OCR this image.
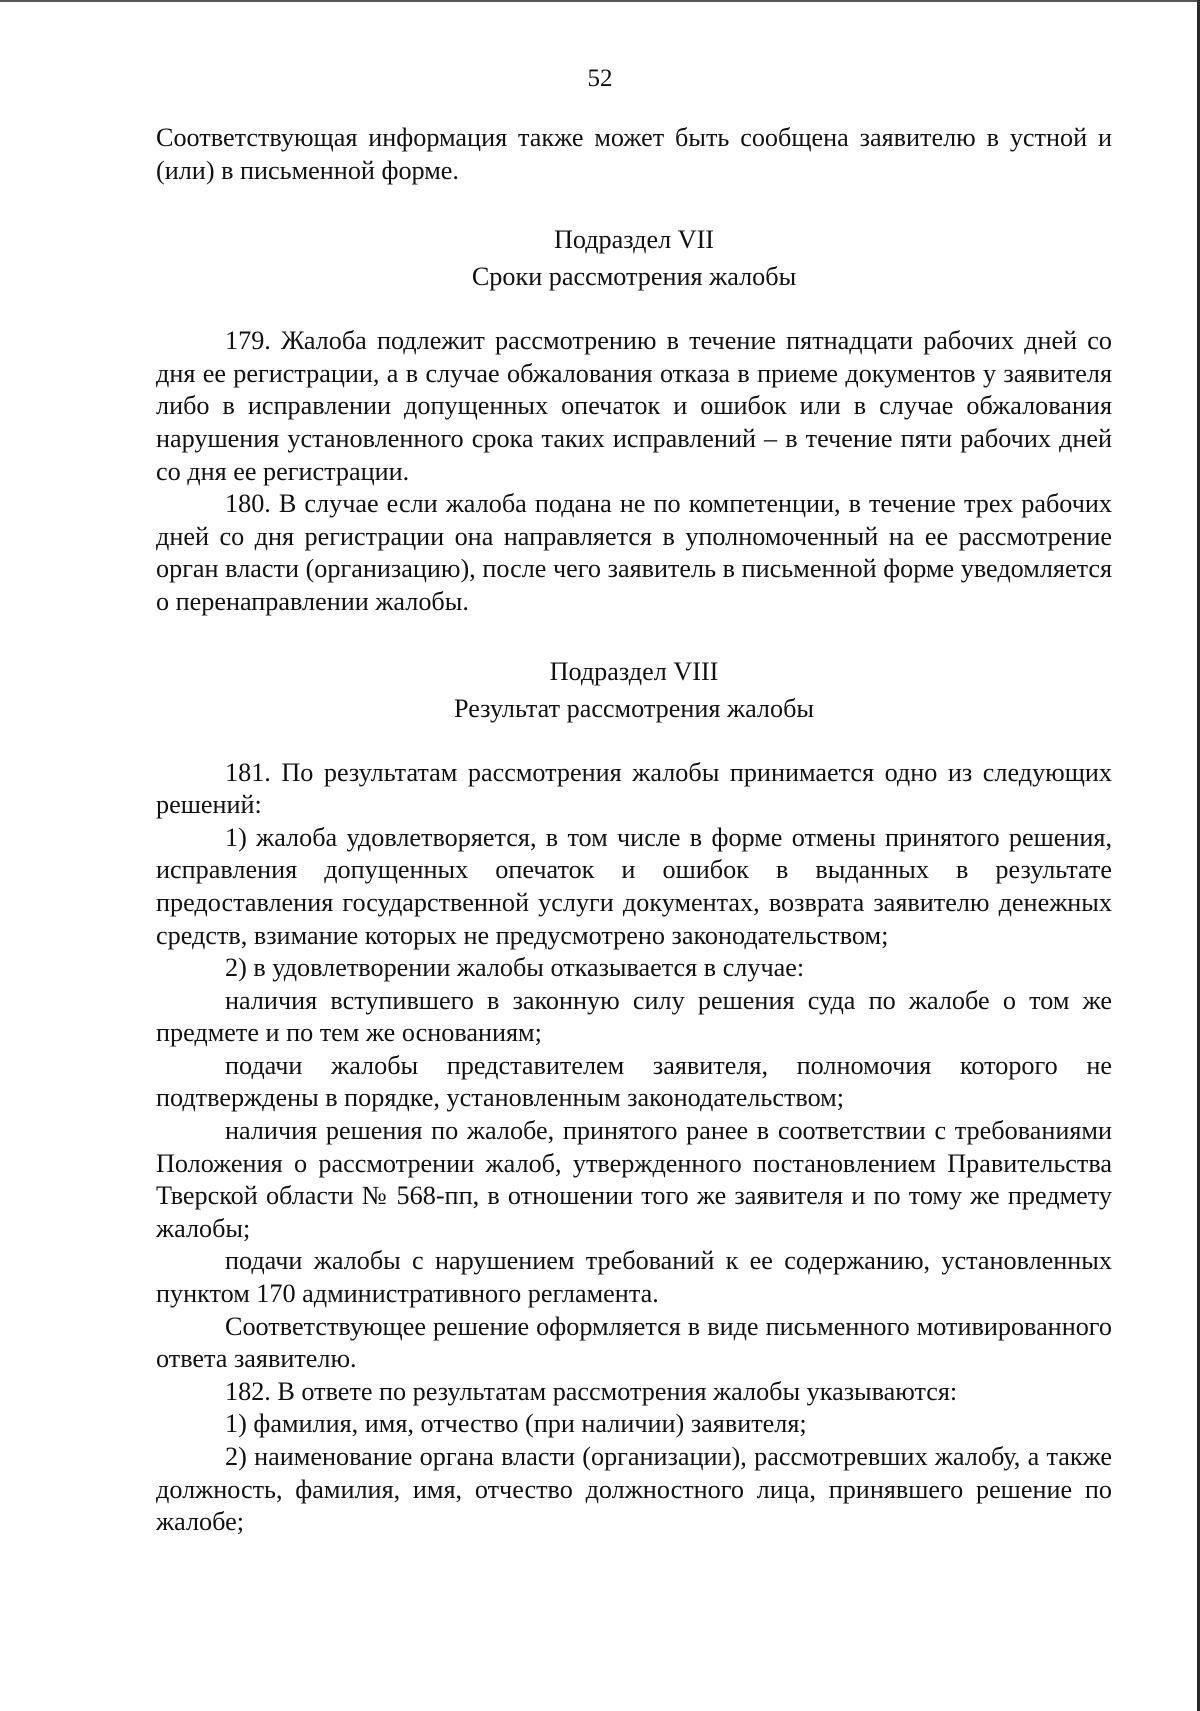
52

Соответствующая информация также может быть сообщена заявителю в устной и (или) в письменной форме.

Подраздел VII

Сроки рассмотрения жалобы

179. Жалоба подлежит рассмотрению в течение пятнадцати рабочих дней со дня ее регистрации, а в случае обжалования отказа в приеме документов у заявителя либо в исправлении допущенных опечаток и ошибок или в случае обжалования нарушения установленного срока таких исправлений – в течение пяти рабочих дней со дня ее регистрации.

180. В случае если жалоба подана не по компетенции, в течение трех рабочих дней со дня регистрации она направляется в уполномоченный на ее рассмотрение орган власти (организацию), после чего заявитель в письменной форме уведомляется о перенаправлении жалобы.

Подраздел VIII

Результат рассмотрения жалобы

181. По результатам рассмотрения жалобы принимается одно из следующих решений:

1) жалоба удовлетворяется, в том числе в форме отмены принятого решения, исправления допущенных опечаток и ошибок в выданных в результате предоставления государственной услуги документах, возврата заявителю денежных средств, взимание которых не предусмотрено законодательством;

2) в удовлетворении жалобы отказывается в случае:

наличия вступившего в законную силу решения суда по жалобе о том же предмете и по тем же основаниям;

подачи жалобы представителем заявителя, полномочия которого не подтверждены в порядке, установленным законодательством;

наличия решения по жалобе, принятого ранее в соответствии с требованиями Положения о рассмотрении жалоб, утвержденного постановлением Правительства Тверской области № 568-пп, в отношении того же заявителя и по тому же предмету жалобы;

подачи жалобы с нарушением требований к ее содержанию, установленных пунктом 170 административного регламента.

Соответствующее решение оформляется в виде письменного мотивированного ответа заявителю.

182. В ответе по результатам рассмотрения жалобы указываются:

1) фамилия, имя, отчество (при наличии) заявителя;

2) наименование органа власти (организации), рассмотревших жалобу, а также должность, фамилия, имя, отчество должностного лица, принявшего решение по жалобе;
